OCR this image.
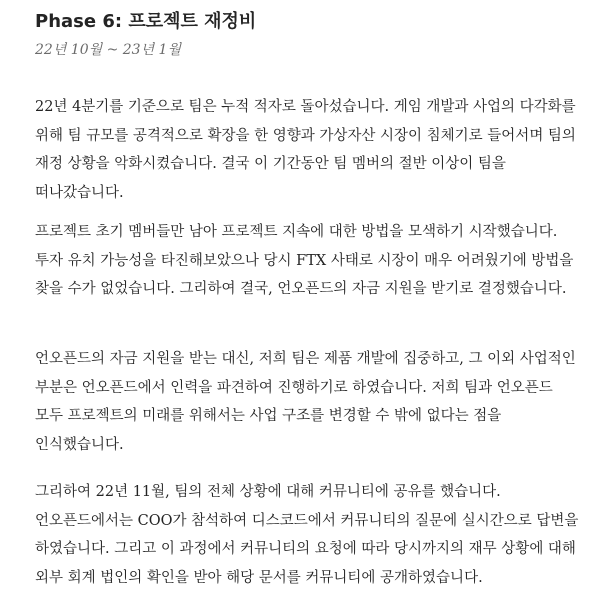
Phase 6: 프로젝트 재정비

22년 10월 ~ 23년 1월

22년 4분기를 기준으로 팀은 누적 적자로 돌아섰습니다. 게임 개발과 사업의 다각화를 위해 팀 규모를 공격적으로 확장을 한 영향과 가상자산 시장이 침체기로 들어서며 팀의 재정 상황을 악화시켰습니다. 결국 이 기간동안 팀 멤버의 절반 이상이 팀을 떠나갔습니다.

프로젝트 초기 멤버들만 남아 프로젝트 지속에 대한 방법을 모색하기 시작했습니다. 투자 유치 가능성을 타진해보았으나 당시 FTX 사태로 시장이 매우 어려웠기에 방법을 찾을 수가 없었습니다. 그리하여 결국, 언오픈드의 자금 지원을 받기로 결정했습니다.

언오픈드의 자금 지원을 받는 대신, 저희 팀은 제품 개발에 집중하고, 그 이외 사업적인 부분은 언오픈드에서 인력을 파견하여 진행하기로 하였습니다. 저희 팀과 언오픈드 모두 프로젝트의 미래를 위해서는 사업 구조를 변경할 수 밖에 없다는 점을 인식했습니다.

그리하여 22년 11월, 팀의 전체 상황에 대해 커뮤니티에 공유를 했습니다. 언오픈드에서는 COO가 참석하여 디스코드에서 커뮤니티의 질문에 실시간으로 답변을 하였습니다. 그리고 이 과정에서 커뮤니티의 요청에 따라 당시까지의 재무 상황에 대해 외부 회계 법인의 확인을 받아 해당 문서를 커뮤니티에 공개하였습니다.
